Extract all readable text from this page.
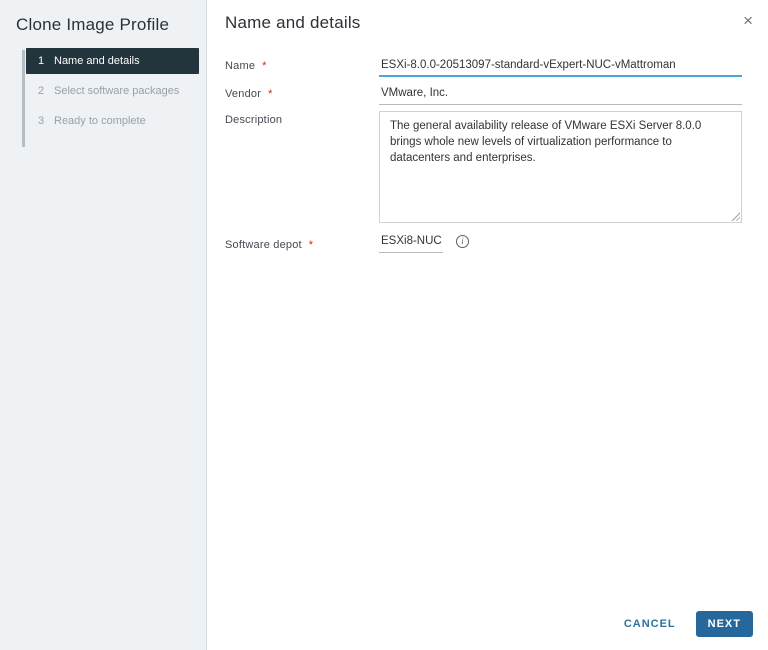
Clone Image Profile
1 Name and details
2 Select software packages
3 Ready to complete
Name and details	×
Name *
ESXi-8.0.0-20513097-standard-vExpert-NUC-vMattroman
Vendor *
VMware, Inc.
Description
The general availability release of VMware ESXi Server 8.0.0 brings whole new levels of virtualization performance to datacenters and enterprises.
Software depot *
ESXi8-NUC	i
CANCEL	NEXT
